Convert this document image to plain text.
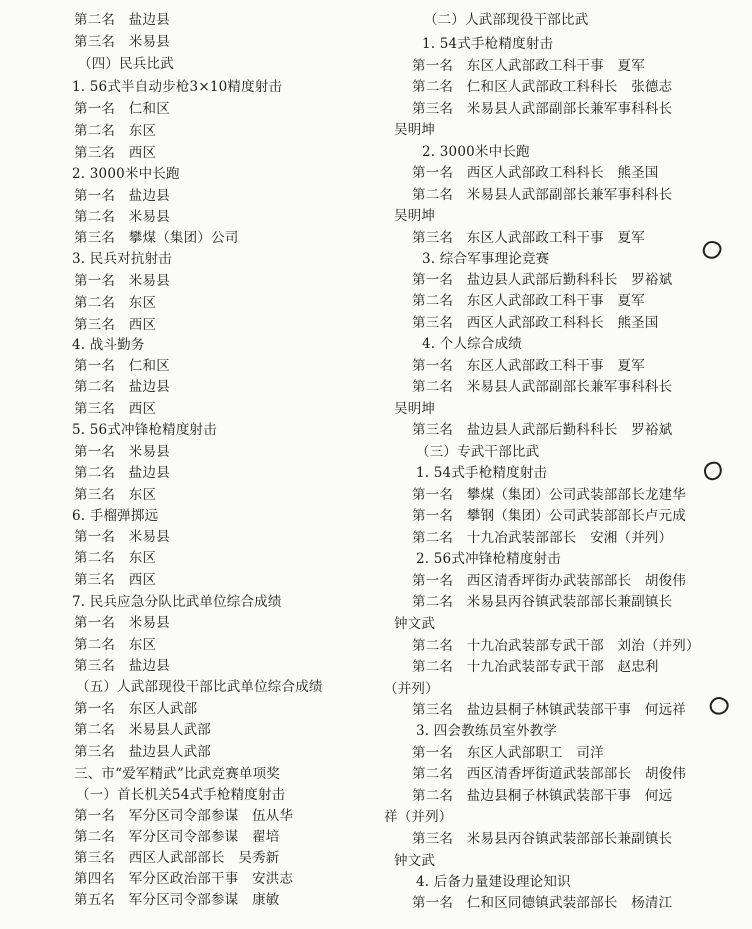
第二名　盐边县
第三名　米易县
（四）民兵比武
1. 56式半自动步枪3×10精度射击
第一名　仁和区
第二名　东区
第三名　西区
2. 3000米中长跑
第一名　盐边县
第二名　米易县
第三名　攀煤（集团）公司
3. 民兵对抗射击
第一名　米易县
第二名　东区
第三名　西区
4. 战斗勤务
第一名　仁和区
第二名　盐边县
第三名　西区
5. 56式冲锋枪精度射击
第一名　米易县
第二名　盐边县
第三名　东区
6. 手榴弹掷远
第一名　米易县
第二名　东区
第三名　西区
7. 民兵应急分队比武单位综合成绩
第一名　米易县
第二名　东区
第三名　盐边县
（五）人武部现役干部比武单位综合成绩
第一名　东区人武部
第二名　米易县人武部
第三名　盐边县人武部
三、市“爱军精武”比武竞赛单项奖
（一）首长机关54式手枪精度射击
第一名　军分区司令部参谋　伍从华
第二名　军分区司令部参谋　翟培
第三名　西区人武部部长　吴秀新
第四名　军分区政治部干事　安洪志
第五名　军分区司令部参谋　康敏
（二）人武部现役干部比武
1. 54式手枪精度射击
第一名　东区人武部政工科干事　夏军
第二名　仁和区人武部政工科科长　张德志
第三名　米易县人武部副部长兼军事科科长
吴明坤
2. 3000米中长跑
第一名　西区人武部政工科科长　熊圣国
第二名　米易县人武部副部长兼军事科科长
吴明坤
第三名　东区人武部政工科干事　夏军
3. 综合军事理论竞赛
第一名　盐边县人武部后勤科科长　罗裕斌
第二名　东区人武部政工科干事　夏军
第三名　西区人武部政工科科长　熊圣国
4. 个人综合成绩
第一名　东区人武部政工科干事　夏军
第二名　米易县人武部副部长兼军事科科长
吴明坤
第三名　盐边县人武部后勤科科长　罗裕斌
（三）专武干部比武
1. 54式手枪精度射击
第一名　攀煤（集团）公司武装部部长龙建华
第一名　攀钢（集团）公司武装部部长卢元成
第二名　十九冶武装部部长　安湘（并列）
2. 56式冲锋枪精度射击
第一名　西区清香坪街办武装部部长　胡俊伟
第二名　米易县丙谷镇武装部部长兼副镇长
钟文武
第二名　十九冶武装部专武干部　刘治（并列）
第二名　十九冶武装部专武干部　赵忠利
（并列）
第三名　盐边县桐子林镇武装部干事　何远祥
3. 四会教练员室外教学
第一名　东区人武部职工　司洋
第二名　西区清香坪街道武装部部长　胡俊伟
第二名　盐边县桐子林镇武装部干事　何远
祥（并列）
第三名　米易县丙谷镇武装部部长兼副镇长
钟文武
4. 后备力量建设理论知识
第一名　仁和区同德镇武装部部长　杨清江
